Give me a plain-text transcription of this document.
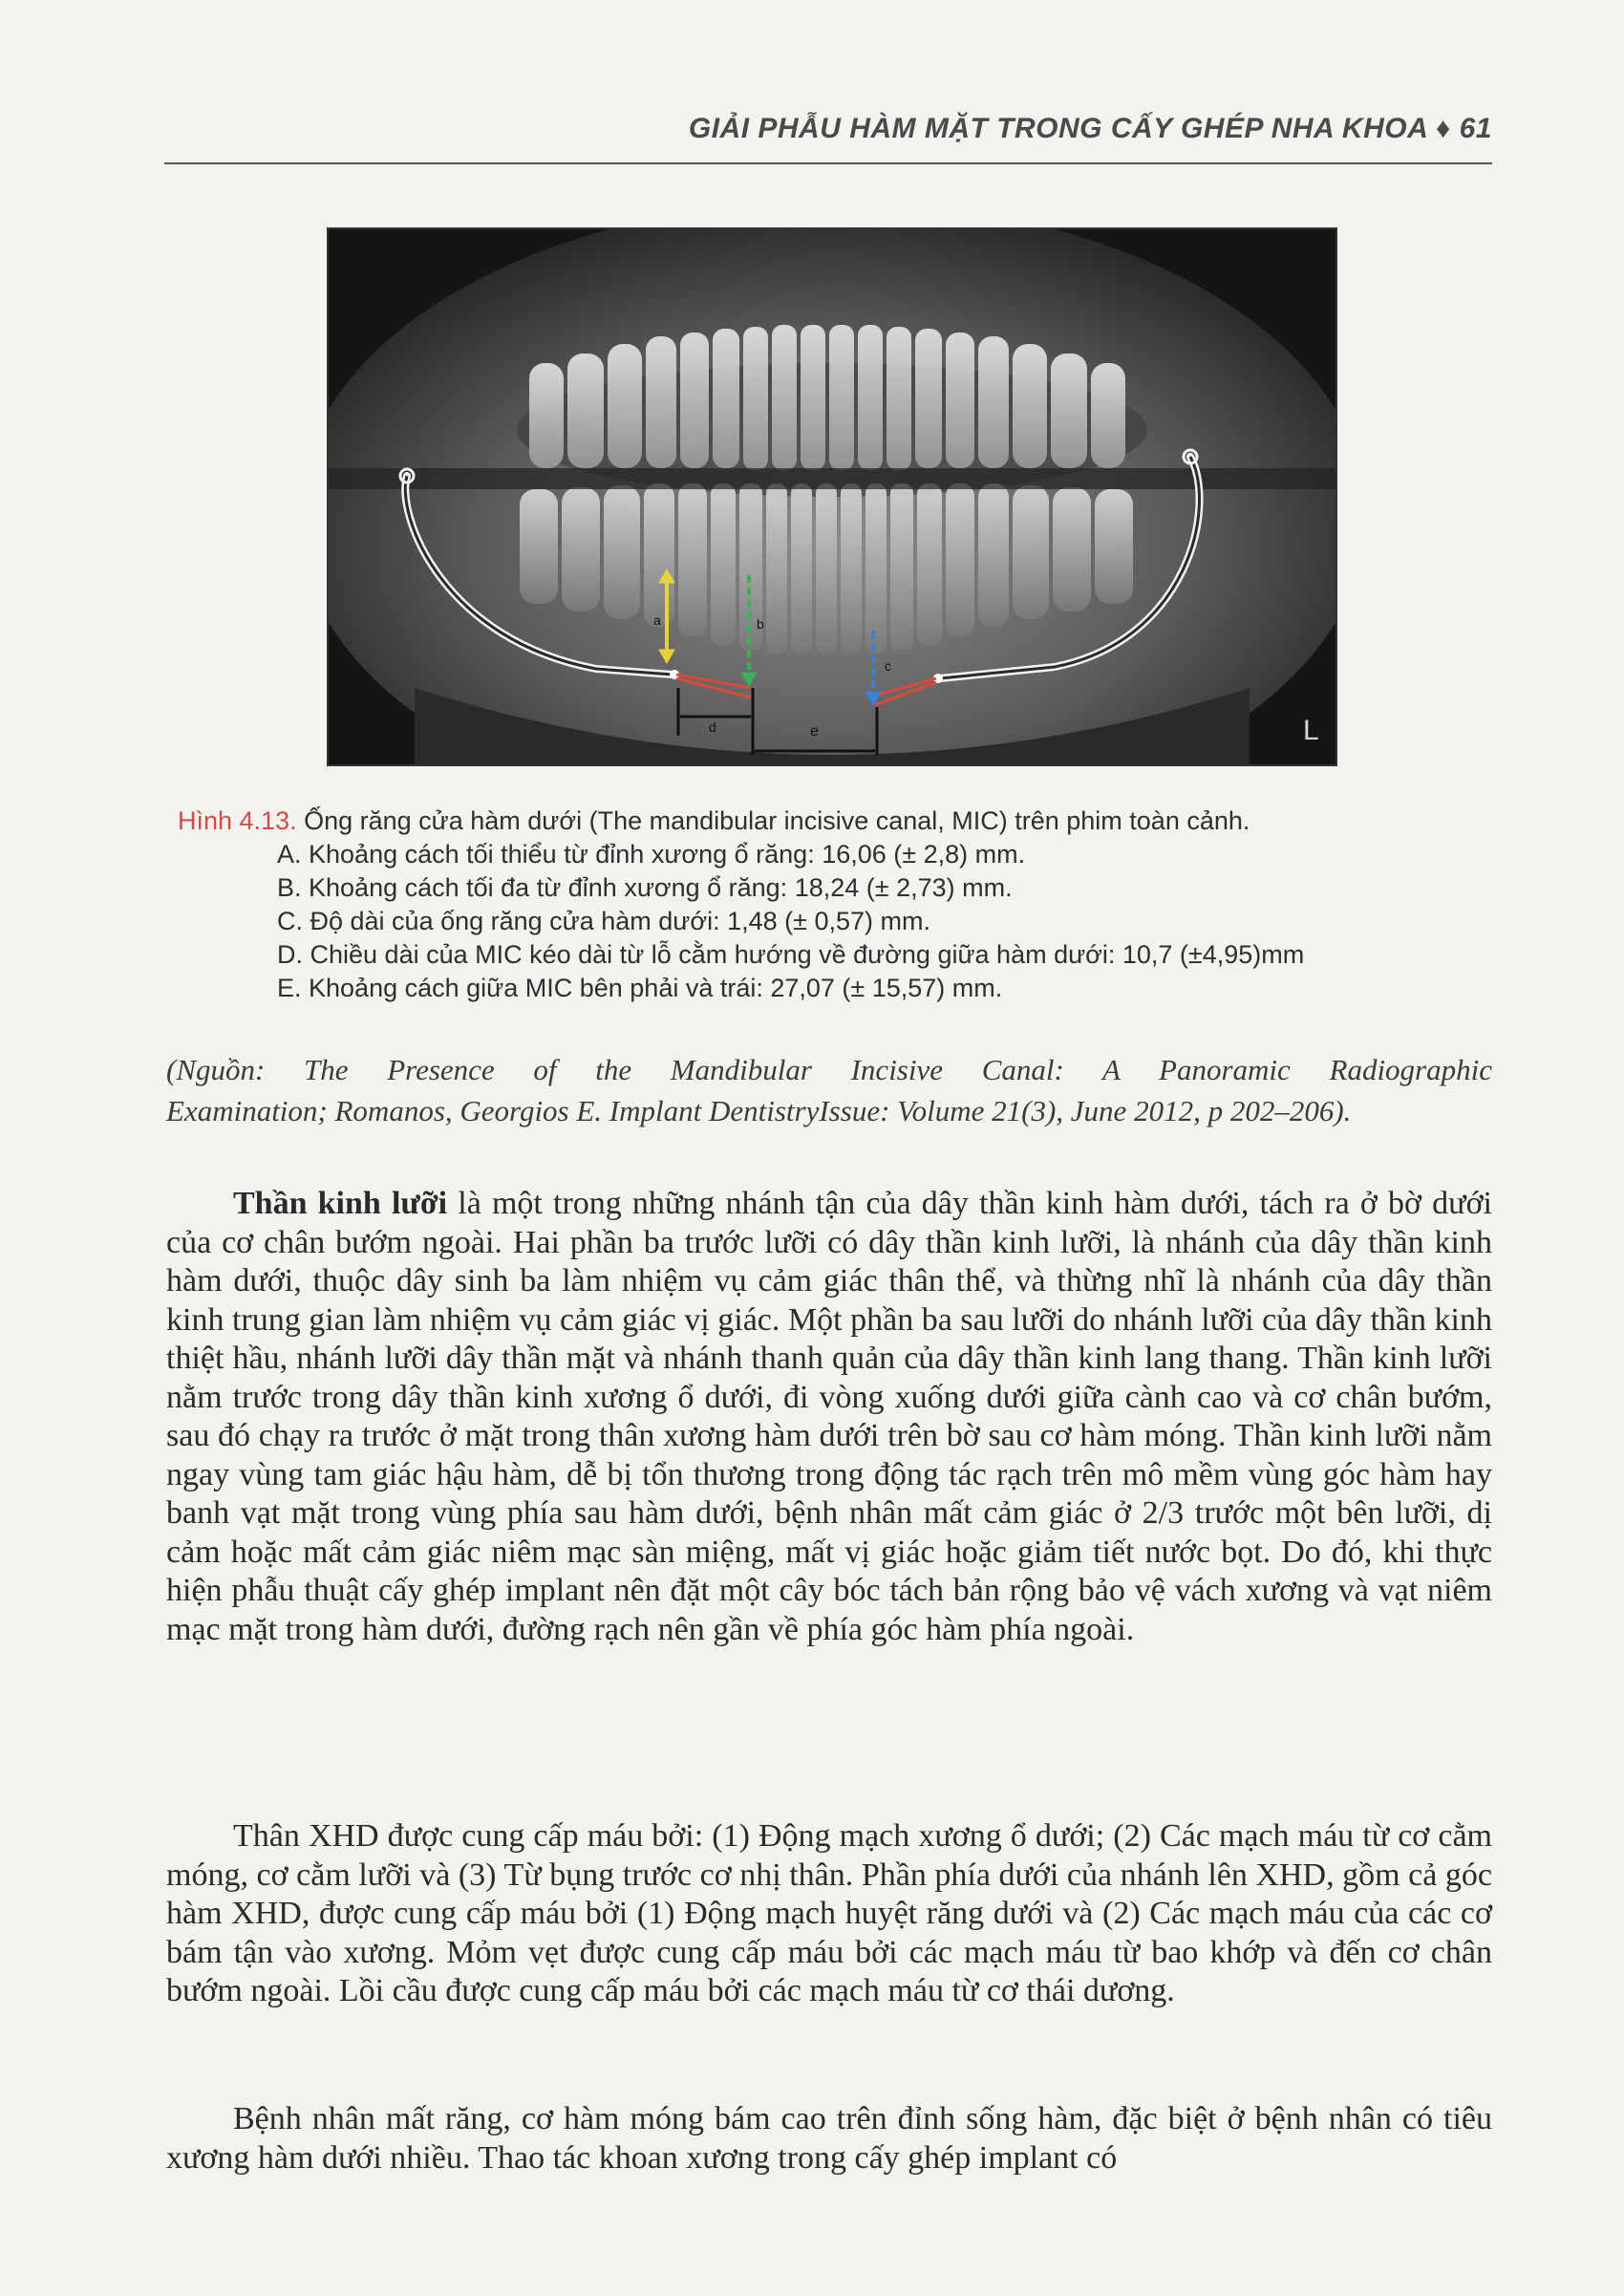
GIẢI PHẪU HÀM MẶT TRONG CẤY GHÉP NHA KHOA ♦ 61
a	b
c
d	e	L
Hình 4.13. Ống răng cửa hàm dưới (The mandibular incisive canal, MIC) trên phim toàn cảnh.
A. Khoảng cách tối thiểu từ đỉnh xương ổ răng: 16,06 (± 2,8) mm.
B. Khoảng cách tối đa từ đỉnh xương ổ răng: 18,24 (± 2,73) mm.
C. Độ dài của ống răng cửa hàm dưới: 1,48 (± 0,57) mm.
D. Chiều dài của MIC kéo dài từ lỗ cằm hướng về đường giữa hàm dưới: 10,7 (±4,95)mm
E. Khoảng cách giữa MIC bên phải và trái: 27,07 (± 15,57) mm.
(Nguồn: The Presence of the Mandibular Incisive Canal: A Panoramic Radiographic

Examination; Romanos, Georgios E. Implant DentistryIssue: Volume 21(3), June 2012, p 202–206).

Thần kinh lưỡi là một trong những nhánh tận của dây thần kinh hàm dưới, tách ra ở bờ dưới của cơ chân bướm ngoài. Hai phần ba trước lưỡi có dây thần kinh lưỡi, là nhánh của dây thần kinh hàm dưới, thuộc dây sinh ba làm nhiệm vụ cảm giác thân thể, và thừng nhĩ là nhánh của dây thần kinh trung gian làm nhiệm vụ cảm giác vị giác. Một phần ba sau lưỡi do nhánh lưỡi của dây thần kinh thiệt hầu, nhánh lưỡi dây thần mặt và nhánh thanh quản của dây thần kinh lang thang. Thần kinh lưỡi nằm trước trong dây thần kinh xương ổ dưới, đi vòng xuống dưới giữa cành cao và cơ chân bướm, sau đó chạy ra trước ở mặt trong thân xương hàm dưới trên bờ sau cơ hàm móng. Thần kinh lưỡi nằm ngay vùng tam giác hậu hàm, dễ bị tổn thương trong động tác rạch trên mô mềm vùng góc hàm hay banh vạt mặt trong vùng phía sau hàm dưới, bệnh nhân mất cảm giác ở 2/3 trước một bên lưỡi, dị cảm hoặc mất cảm giác niêm mạc sàn miệng, mất vị giác hoặc giảm tiết nước bọt. Do đó, khi thực hiện phẫu thuật cấy ghép implant nên đặt một cây bóc tách bản rộng bảo vệ vách xương và vạt niêm mạc mặt trong hàm dưới, đường rạch nên gần về phía góc hàm phía ngoài.

Thân XHD được cung cấp máu bởi: (1) Động mạch xương ổ dưới; (2) Các mạch máu từ cơ cằm móng, cơ cằm lưỡi và (3) Từ bụng trước cơ nhị thân. Phần phía dưới của nhánh lên XHD, gồm cả góc hàm XHD, được cung cấp máu bởi (1) Động mạch huyệt răng dưới và (2) Các mạch máu của các cơ bám tận vào xương. Mỏm vẹt được cung cấp máu bởi các mạch máu từ bao khớp và đến cơ chân bướm ngoài. Lồi cầu được cung cấp máu bởi các mạch máu từ cơ thái dương.

Bệnh nhân mất răng, cơ hàm móng bám cao trên đỉnh sống hàm, đặc biệt ở bệnh nhân có tiêu xương hàm dưới nhiều. Thao tác khoan xương trong cấy ghép implant có
